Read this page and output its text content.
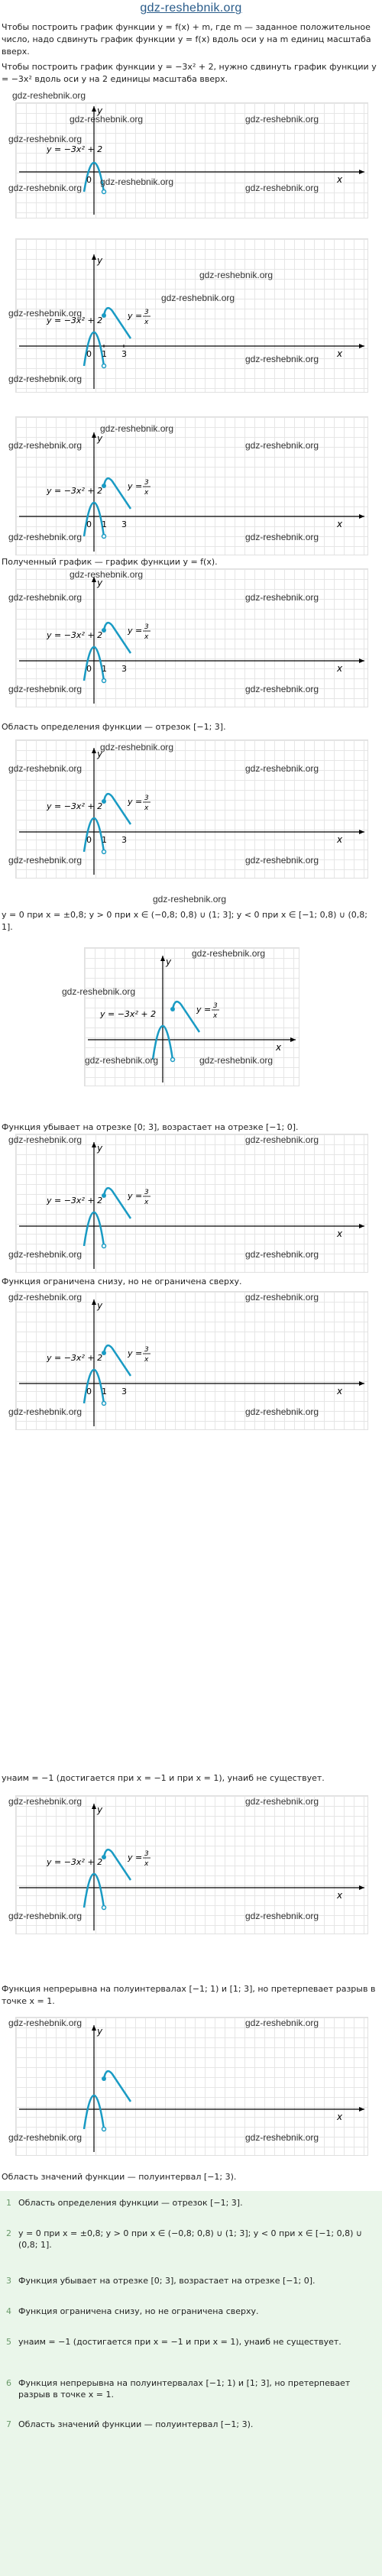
gdz-reshebnik.org
Чтобы построить график функции y = f(x) + m, где m — заданное положительное число, надо сдвинуть график функции y = f(x) вдоль оси y на m единиц масштаба вверх.
gdz-reshebnik.org
Чтобы построить график функции y = −3x² + 2, нужно сдвинуть график функции y = −3x² вдоль оси y на 2 единицы масштаба вверх.
x
y
y = −3x² + 2
0
gdz-reshebnik.org	gdz-reshebnik.org
gdz-reshebnik.org
gdz-reshebnik.org	gdz-reshebnik.org
gdz-reshebnik.org
x
y
y = −3x² + 2
0 1 3
y = 3
x
gdz-reshebnik.org
gdz-reshebnik.org
gdz-reshebnik.org
gdz-reshebnik.org
gdz-reshebnik.org
x
y
y = −3x² + 2
0 1 3
y = 3
x
gdz-reshebnik.org
gdz-reshebnik.org	gdz-reshebnik.org
gdz-reshebnik.org	gdz-reshebnik.org
Полученный график — график функции y = f(x).
x
y
y = −3x² + 2
0 1 3
y = 3
x
gdz-reshebnik.org
gdz-reshebnik.org	gdz-reshebnik.org
gdz-reshebnik.org	gdz-reshebnik.org
Область определения функции — отрезок [−1; 3].
x
y
y = −3x² + 2
0 1 3
y = 3
x
gdz-reshebnik.org
gdz-reshebnik.org	gdz-reshebnik.org
gdz-reshebnik.org	gdz-reshebnik.org
gdz-reshebnik.org
y = 0 при x = ±0,8; y > 0 при x ∈ (−0,8; 0,8) ∪ (1; 3]; y < 0 при x ∈ [−1; 0,8) ∪ (0,8; 1].
x
y
y = −3x² + 2	y = 3
x
gdz-reshebnik.org
gdz-reshebnik.org
gdz-reshebnik.org	gdz-reshebnik.org
Функция убывает на отрезке [0; 3], возрастает на отрезке [−1; 0].
x
y
y = −3x² + 2	y = 3
x
gdz-reshebnik.org	gdz-reshebnik.org
gdz-reshebnik.org	gdz-reshebnik.org
Функция ограничена снизу, но не ограничена сверху.
x
y
y = −3x² + 2
0 1 3
y = 3
x
gdz-reshebnik.org	gdz-reshebnik.org
gdz-reshebnik.org	gdz-reshebnik.org
yнаим = −1 (достигается при x = −1 и при x = 1), yнаиб не существует.
x
y
y = −3x² + 2	y = 3
x
gdz-reshebnik.org	gdz-reshebnik.org
gdz-reshebnik.org	gdz-reshebnik.org
Функция непрерывна на полуинтервалах [−1; 1) и [1; 3], но претерпевает разрыв в точке x = 1.
x
y
gdz-reshebnik.org	gdz-reshebnik.org
gdz-reshebnik.org	gdz-reshebnik.org
Область значений функции — полуинтервал [−1; 3).
1 Область определения функции — отрезок [−1; 3].
2 y = 0 при x = ±0,8; y > 0 при x ∈ (−0,8; 0,8) ∪ (1; 3]; y < 0 при x ∈ [−1; 0,8) ∪ (0,8; 1].
3 Функция убывает на отрезке [0; 3], возрастает на отрезке [−1; 0].
4 Функция ограничена снизу, но не ограничена сверху.
5 yнаим = −1 (достигается при x = −1 и при x = 1), yнаиб не существует.
6 Функция непрерывна на полуинтервалах [−1; 1) и [1; 3], но претерпевает разрыв в точке x = 1.
7 Область значений функции — полуинтервал [−1; 3).
